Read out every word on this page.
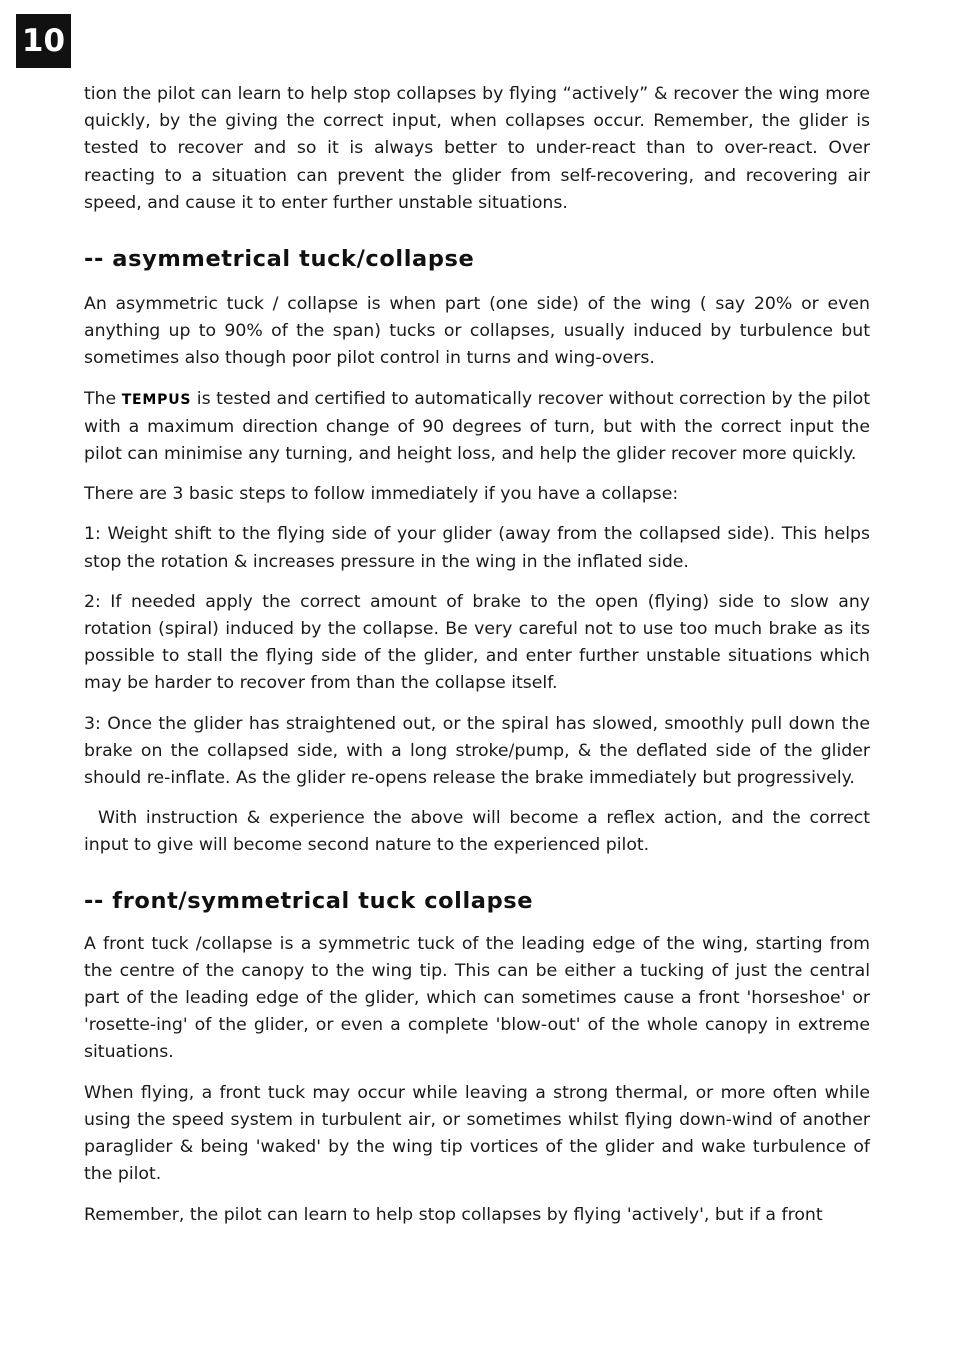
10

tion the pilot can learn to help stop collapses by flying “actively” & recover the wing more quickly, by the giving the correct input, when collapses occur. Remember, the glider is tested to recover and so it is always better to under-react than to over-react. Over reacting to a situation can prevent the glider from self-recovering, and recovering air speed, and cause it to enter further unstable situations.

-- asymmetrical tuck/collapse

An asymmetric tuck / collapse is when part (one side) of the wing ( say 20% or even anything up to 90% of the span) tucks or collapses, usually induced by turbulence but sometimes also though poor pilot control in turns and wing-overs.

The TEMPUS is tested and certified to automatically recover without correction by the pilot with a maximum direction change of 90 degrees of turn, but with the correct input the pilot can minimise any turning, and height loss, and help the glider recover more quickly.

There are 3 basic steps to follow immediately if you have a collapse:

1: Weight shift to the flying side of your glider (away from the collapsed side). This helps stop the rotation & increases pressure in the wing in the inflated side.

2: If needed apply the correct amount of brake to the open (flying) side to slow any rotation (spiral) induced by the collapse. Be very careful not to use too much brake as its possible to stall the flying side of the glider, and enter further unstable situations which may be harder to recover from than the collapse itself.

3: Once the glider has straightened out, or the spiral has slowed, smoothly pull down the brake on the collapsed side, with a long stroke/pump, & the deflated side of the glider should re-inflate. As the glider re-opens release the brake immediately but progressively.

With instruction & experience the above will become a reflex action, and the correct input to give will become second nature to the experienced pilot.

-- front/symmetrical tuck collapse

A front tuck /collapse is a symmetric tuck of the leading edge of the wing, starting from the centre of the canopy to the wing tip. This can be either a tucking of just the central part of the leading edge of the glider, which can sometimes cause a front 'horseshoe' or 'rosette-ing' of the glider, or even a complete 'blow-out' of the whole canopy in extreme situations.

When flying, a front tuck may occur while leaving a strong thermal, or more often while using the speed system in turbulent air, or sometimes whilst flying down-wind of another paraglider & being 'waked' by the wing tip vortices of the glider and wake turbulence of the pilot.

Remember, the pilot can learn to help stop collapses by flying 'actively', but if a front
